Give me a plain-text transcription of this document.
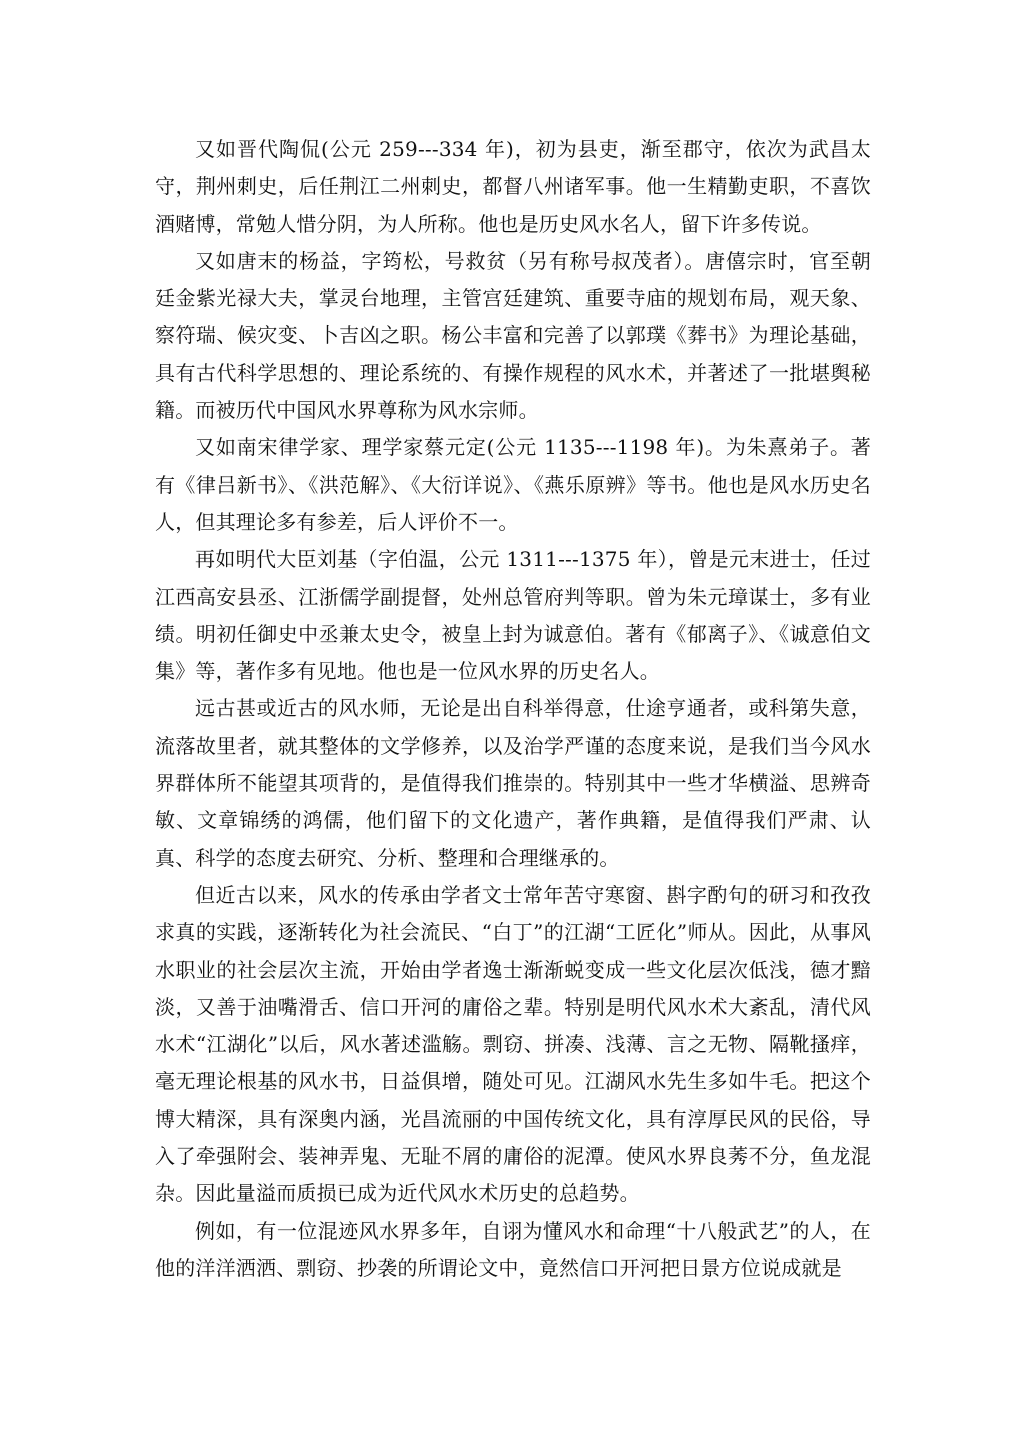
又如晋代陶侃(公元 259---334 年)，初为县吏，渐至郡守，依次为武昌太守，荆州刺史，后任荆江二州刺史，都督八州诸军事。他一生精勤吏职，不喜饮酒赌博，常勉人惜分阴，为人所称。他也是历史风水名人，留下许多传说。

又如唐末的杨益，字筠松，号救贫（另有称号叔茂者）。唐僖宗时，官至朝廷金紫光禄大夫，掌灵台地理，主管宫廷建筑、重要寺庙的规划布局，观天象、察符瑞、候灾变、卜吉凶之职。杨公丰富和完善了以郭璞《葬书》为理论基础，具有古代科学思想的、理论系统的、有操作规程的风水术，并著述了一批堪舆秘籍。而被历代中国风水界尊称为风水宗师。

又如南宋律学家、理学家蔡元定(公元 1135---1198 年)。为朱熹弟子。著有《律吕新书》、《洪范解》、《大衍详说》、《燕乐原辨》等书。他也是风水历史名人，但其理论多有参差，后人评价不一。

再如明代大臣刘基（字伯温，公元 1311---1375 年），曾是元末进士，任过江西高安县丞、江浙儒学副提督，处州总管府判等职。曾为朱元璋谋士，多有业绩。明初任御史中丞兼太史令，被皇上封为诚意伯。著有《郁离子》、《诚意伯文集》等，著作多有见地。他也是一位风水界的历史名人。

远古甚或近古的风水师，无论是出自科举得意，仕途亨通者，或科第失意，流落故里者，就其整体的文学修养，以及治学严谨的态度来说，是我们当今风水界群体所不能望其项背的，是值得我们推崇的。特别其中一些才华横溢、思辨奇敏、文章锦绣的鸿儒，他们留下的文化遗产，著作典籍，是值得我们严肃、认真、科学的态度去研究、分析、整理和合理继承的。

但近古以来，风水的传承由学者文士常年苦守寒窗、斟字酌句的研习和孜孜求真的实践，逐渐转化为社会流民、“白丁”的江湖“工匠化”师从。因此，从事风水职业的社会层次主流，开始由学者逸士渐渐蜕变成一些文化层次低浅，德才黯淡，又善于油嘴滑舌、信口开河的庸俗之辈。特别是明代风水术大紊乱，清代风水术“江湖化”以后，风水著述滥觞。剽窃、拼凑、浅薄、言之无物、隔靴搔痒，毫无理论根基的风水书，日益俱增，随处可见。江湖风水先生多如牛毛。把这个博大精深，具有深奥内涵，光昌流丽的中国传统文化，具有淳厚民风的民俗，导入了牵强附会、装神弄鬼、无耻不屑的庸俗的泥潭。使风水界良莠不分，鱼龙混杂。因此量溢而质损已成为近代风水术历史的总趋势。

例如，有一位混迹风水界多年，自诩为懂风水和命理“十八般武艺”的人，在他的洋洋洒洒、剽窃、抄袭的所谓论文中，竟然信口开河把日景方位说成就是
